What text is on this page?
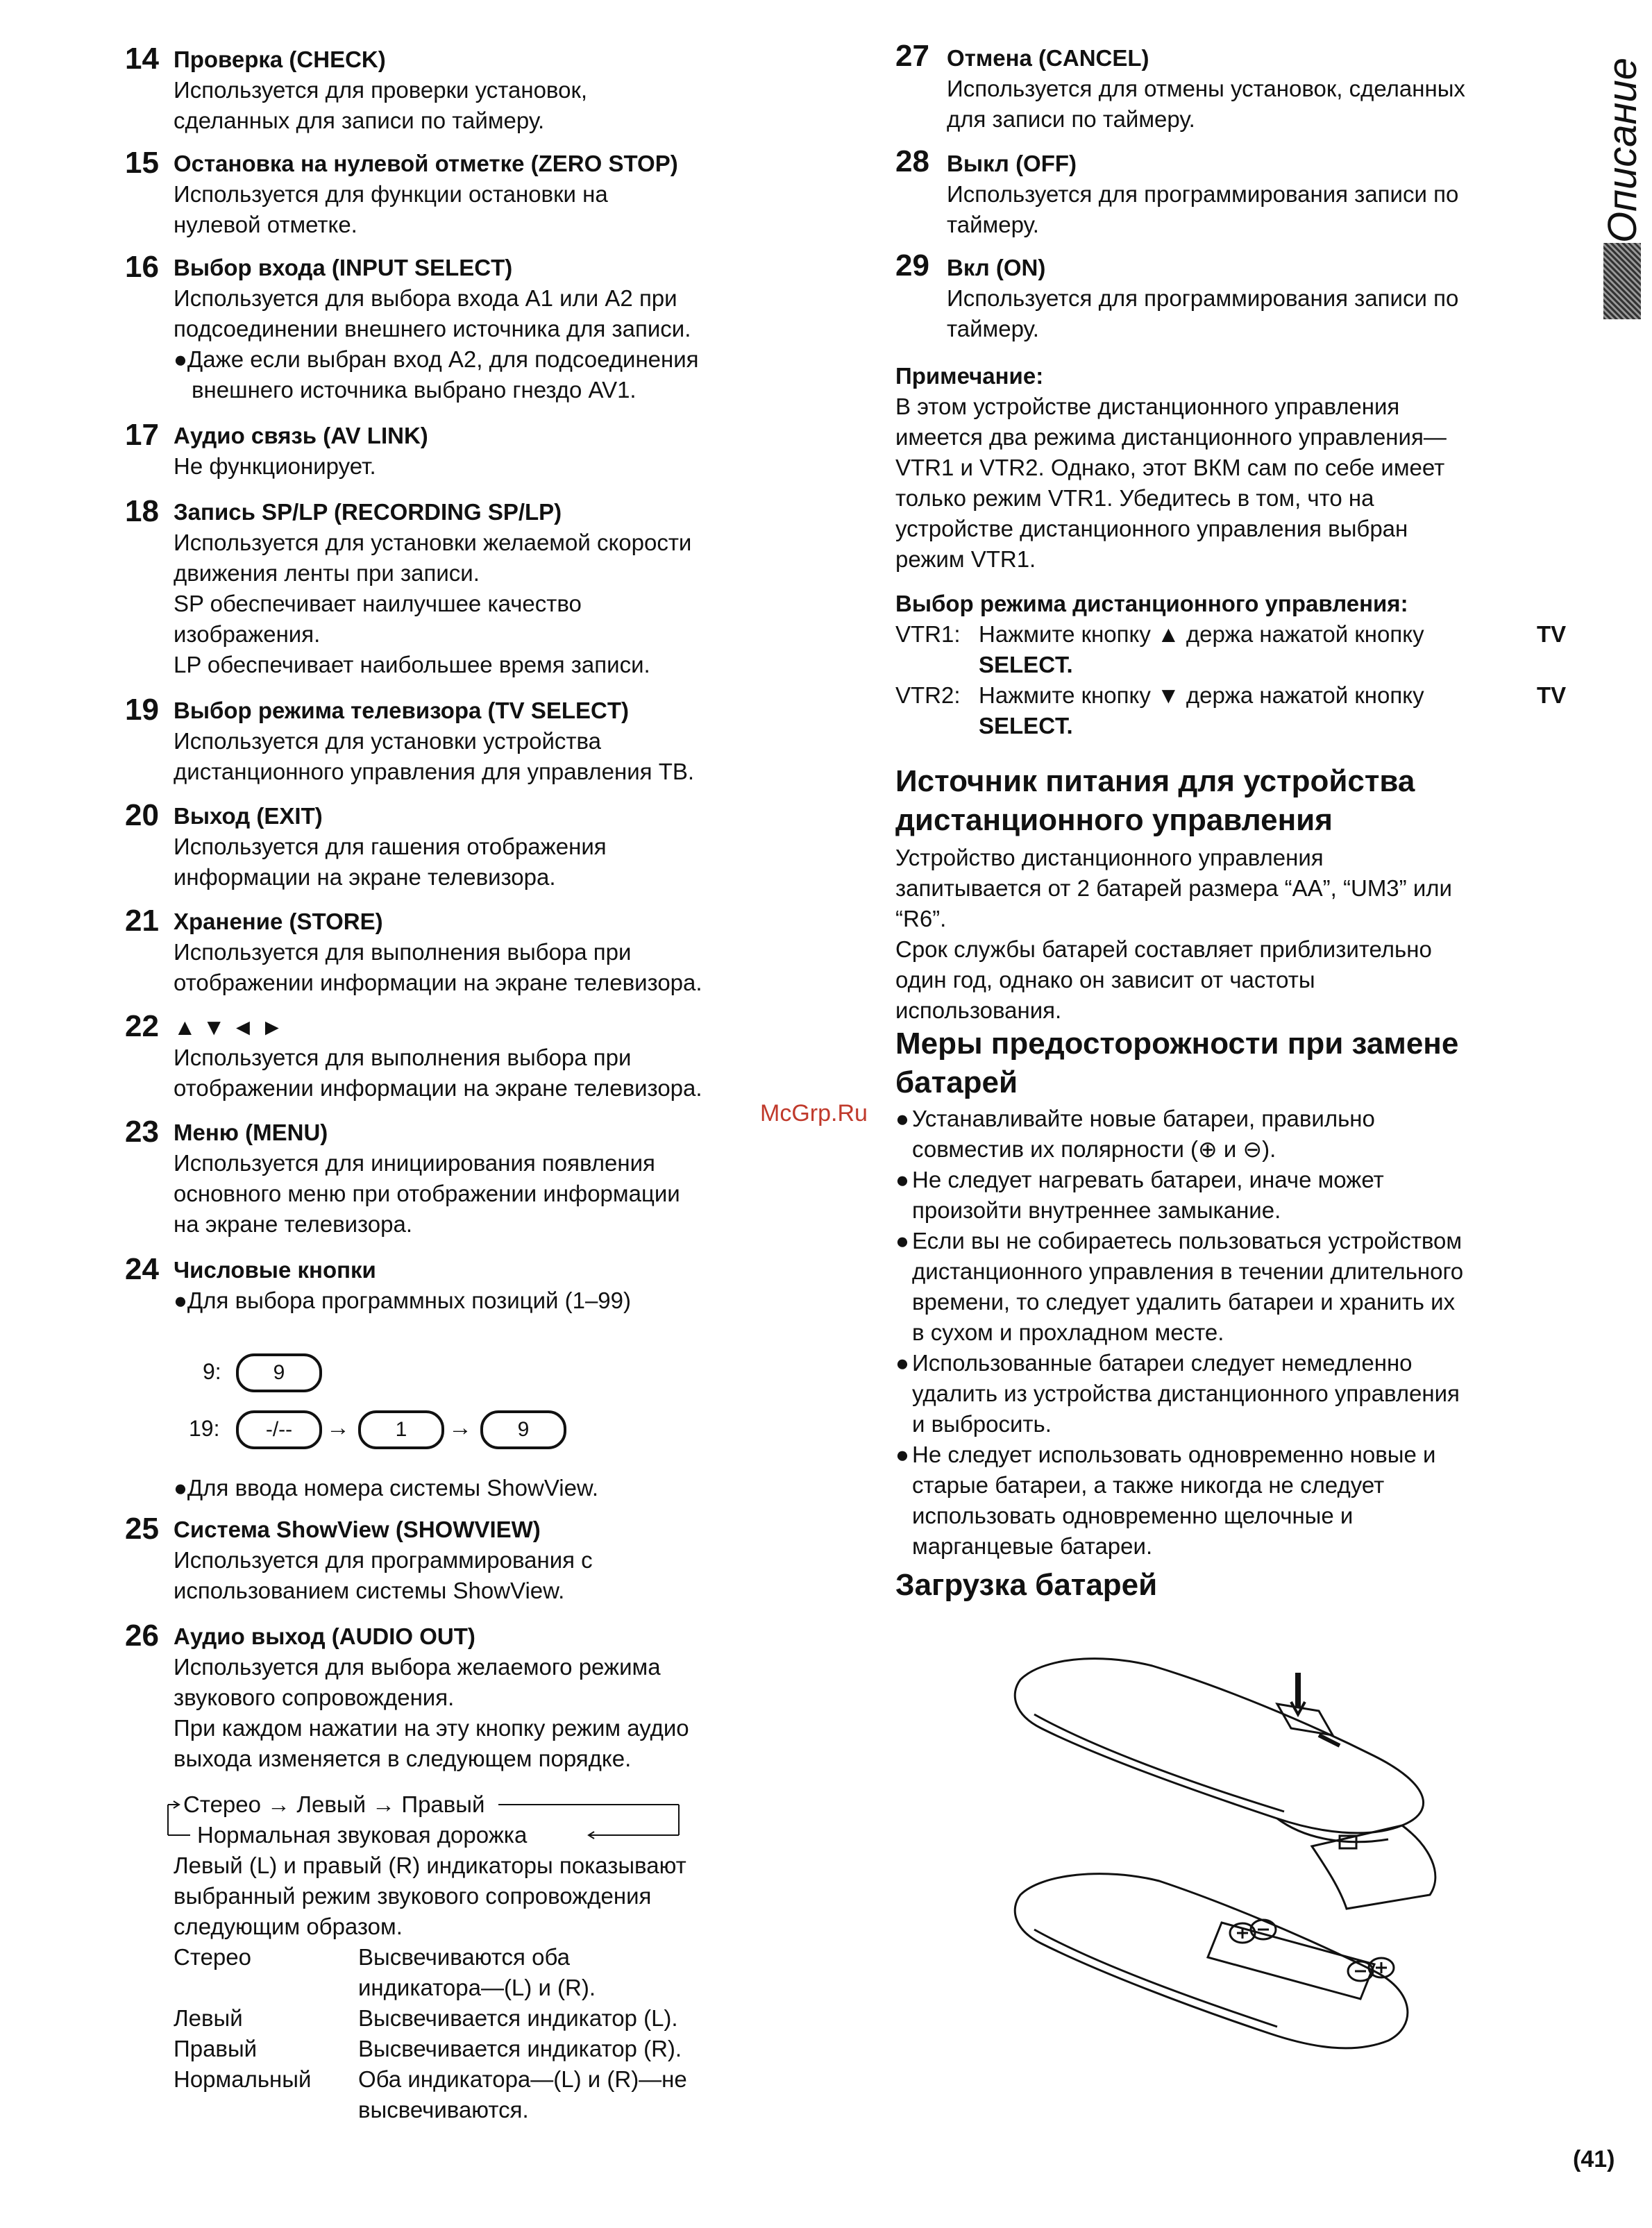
14 Проверка (CHECK)
Используется для проверки установок,
сделанных для записи по таймеру.
15 Остановка на нулевой отметке (ZERO STOP)
Используется для функции остановки на
нулевой отметке.
16 Выбор входа (INPUT SELECT)
Используется для выбора входа A1 или A2 при
подсоединении внешнего источника для записи.
●Даже если выбран вход A2, для подсоединения
внешнего источника выбрано гнездо AV1.
17 Аудио связь (AV LINK)
Не функционирует.
18 Запись SP/LP (RECORDING SP/LP)
Используется для установки желаемой скорости
движения ленты при записи.
SP обеспечивает наилучшее качество
изображения.
LP обеспечивает наибольшее время записи.
19 Выбор режима телевизора (TV SELECT)
Используется для установки устройства
дистанционного управления для управления ТВ.
20 Выход (EXIT)
Используется для гашения отображения
информации на экране телевизора.
21 Хранение (STORE)
Используется для выполнения выбора при
отображении информации на экране телевизора.
22 ▲ ▼ ◄ ►
Используется для выполнения выбора при
отображении информации на экране телевизора.
23 Меню (MENU)
Используется для инициирования появления
основного меню при отображении информации
на экране телевизора.
24 Числовые кнопки
●Для выбора программных позиций (1–99)
9:	9
19:	-/--	→	1	→	9
●Для ввода номера системы ShowView.
25 Система ShowView (SHOWVIEW)
Используется для программирования с
использованием системы ShowView.
26 Аудио выход (AUDIO OUT)
Используется для выбора желаемого режима
звукового сопровождения.
При каждом нажатии на эту кнопку режим аудио
выхода изменяется в следующем порядке.
Стерео → Левый → Правый
Нормальная звуковая дорожка
Левый (L) и правый (R) индикаторы показывают
выбранный режим звукового сопровождения
следующим образом.
Стерео	Высвечиваются оба
индикатора—(L) и (R).

Левый	Высвечивается индикатор (L).

Правый	Высвечивается индикатор (R).

Нормальный	Оба индикатора—(L) и (R)—не
высвечиваются.
27 Отмена (CANCEL)
Используется для отмены установок, сделанных
для записи по таймеру.
28 Выкл (OFF)
Используется для программирования записи по
таймеру.
29 Вкл (ON)
Используется для программирования записи по
таймеру.
Примечание:
В этом устройстве дистанционного управления
имеется два режима дистанционного управления—
VTR1 и VTR2. Однако, этот ВКМ сам по себе имеет
только режим VTR1. Убедитесь в том, что на
устройстве дистанционного управления выбран
режим VTR1.
Выбор режима дистанционного управления:
VTR1: Нажмите кнопку ▲ держа нажатой кнопку	TV
SELECT.
VTR2: Нажмите кнопку ▼ держа нажатой кнопку	TV
SELECT.
Источник питания для устройства
дистанционного управления
Устройство дистанционного управления
запитывается от 2 батарей размера “AA”, “UM3” или
“R6”.
Срок службы батарей составляет приблизительно
один год, однако он зависит от частоты
использования.
Меры предосторожности при замене
батарей
● Устанавливайте новые батареи, правильно
совместив их полярности (⊕ и ⊖).
● Не следует нагревать батареи, иначе может
произойти внутреннее замыкание.
● Если вы не собираетесь пользоваться устройством
дистанционного управления в течении длительного
времени, то следует удалить батареи и хранить их
в сухом и прохладном месте.
● Использованные батареи следует немедленно
удалить из устройства дистанционного управления
и выбросить.
● Не следует использовать одновременно новые и
старые батареи, а также никогда не следует
использовать одновременно щелочные и
марганцевые батареи.
Загрузка батарей
Описание
McGrp.Ru
(41)
